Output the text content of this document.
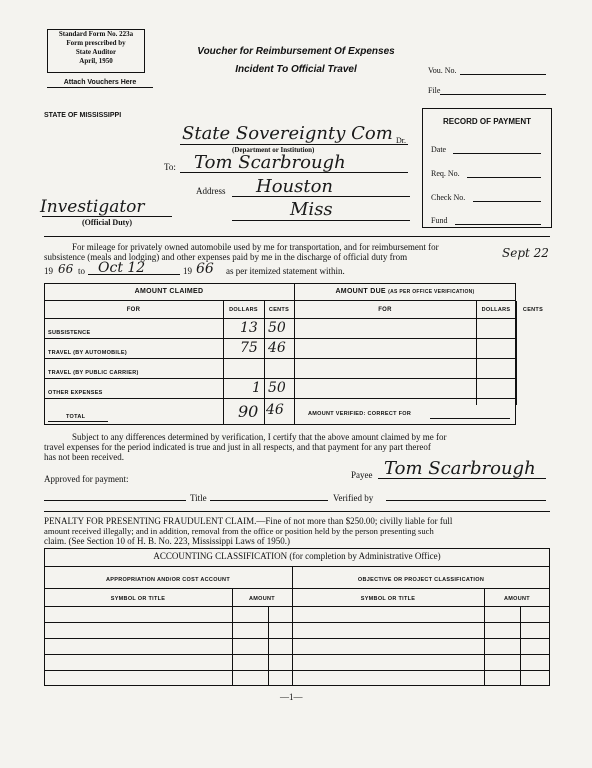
Standard Form No. 223a
Form prescribed by
State Auditor
April, 1950
Attach Vouchers Here
Voucher for Reimbursement Of Expenses
Incident To Official Travel	Vou. No.
File
STATE OF MISSISSIPPI
Investigator
(Official Duty)
State Sovereignty Com Dr.
(Department or Institution)
To: Tom Scarbrough
Address Houston
Miss
RECORD OF PAYMENT
Date
Req. No.
Check No.
Fund
For mileage for privately owned automobile used by me for transportation, and for reimbursement for
subsistence (meals and lodging) and other expenses paid by me in the discharge of official duty from	Sept 22
19 66 to Oct 12	19 66 as per itemized statement within.
AMOUNT CLAIMED	AMOUNT DUE (AS PER OFFICE VERIFICATION)
FOR	DOLLARS	CENTS	FOR	DOLLARS	CENTS
SUBSISTENCE	13 50
TRAVEL (BY AUTOMOBILE)	75 46
TRAVEL (BY PUBLIC CARRIER)
OTHER EXPENSES	1 50
TOTAL	90 46	AMOUNT VERIFIED: CORRECT FOR
Subject to any differences determined by verification, I certify that the above amount claimed by me for
travel expenses for the period indicated is true and just in all respects, and that payment for any part thereof
has not been received.
Payee Tom Scarbrough
Approved for payment:
Title	Verified by
PENALTY FOR PRESENTING FRAUDULENT CLAIM.—Fine of not more than $250.00; civilly liable for full
amount received illegally; and in addition, removal from the office or position held by the person presenting such
claim. (See Section 10 of H. B. No. 223, Mississippi Laws of 1950.)
ACCOUNTING CLASSIFICATION (for completion by Administrative Office)
APPROPRIATION AND/OR COST ACCOUNT	OBJECTIVE OR PROJECT CLASSIFICATION
SYMBOL OR TITLE	AMOUNT	SYMBOL OR TITLE	AMOUNT
—1—
